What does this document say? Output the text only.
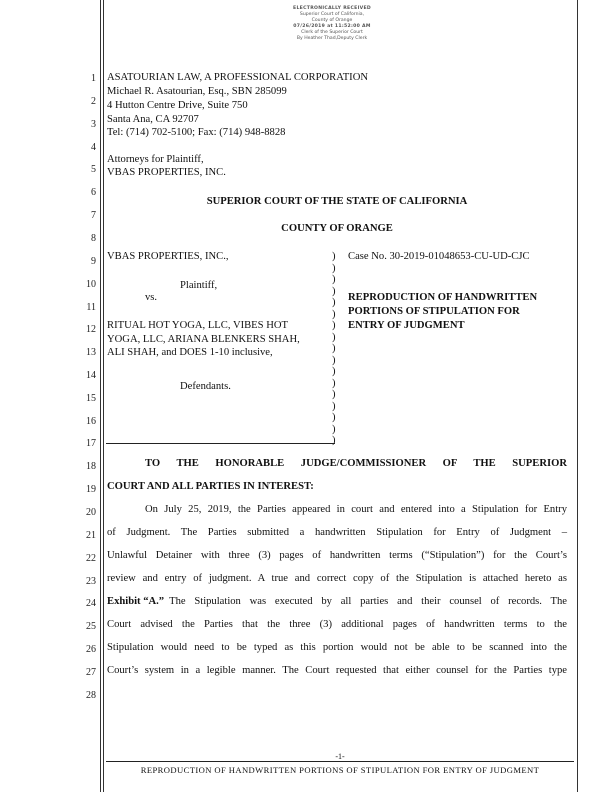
ELECTRONICALLY RECEIVED
Superior Court of California,
County of Orange
07/26/2019 at 11:52:00 AM
Clerk of the Superior Court
By Heather Thad,Deputy Clerk
1
2
3
4
5
6
7
8
9
10
11
12
13
14
15
16
17
18
19
20
21
22
23
24
25
26
27
28
ASATOURIAN LAW, A PROFESSIONAL CORPORATION
Michael R. Asatourian, Esq., SBN 285099
4 Hutton Centre Drive, Suite 750
Santa Ana, CA 92707
Tel: (714) 702-5100; Fax: (714) 948-8828
Attorneys for Plaintiff,
VBAS PROPERTIES, INC.
SUPERIOR COURT OF THE STATE OF CALIFORNIA
COUNTY OF ORANGE
VBAS PROPERTIES, INC.,
Plaintiff,
vs.
RITUAL HOT YOGA, LLC, VIBES HOT
YOGA, LLC, ARIANA BLENKERS SHAH,
ALI SHAH, and DOES 1-10 inclusive,
Defendants.
)
)
)
)
)
)
)
)
)
)
)
)
)
)
)
)
)
Case No. 30-2019-01048653-CU-UD-CJC
REPRODUCTION OF HANDWRITTEN
PORTIONS OF STIPULATION FOR
ENTRY OF JUDGMENT
TO THE HONORABLE JUDGE/COMMISSIONER OF THE SUPERIOR
COURT AND ALL PARTIES IN INTEREST:
On July 25, 2019, the Parties appeared in court and entered into a Stipulation for Entry
of Judgment. The Parties submitted a handwritten Stipulation for Entry of Judgment –
Unlawful Detainer with three (3) pages of handwritten terms (“Stipulation”) for the Court’s
review and entry of judgment. A true and correct copy of the Stipulation is attached hereto as
Exhibit “A.” The Stipulation was executed by all parties and their counsel of records. The
Court advised the Parties that the three (3) additional pages of handwritten terms to the
Stipulation would need to be typed as this portion would not be able to be scanned into the
Court’s system in a legible manner. The Court requested that either counsel for the Parties type
-1-
REPRODUCTION OF HANDWRITTEN PORTIONS OF STIPULATION FOR ENTRY OF JUDGMENT
